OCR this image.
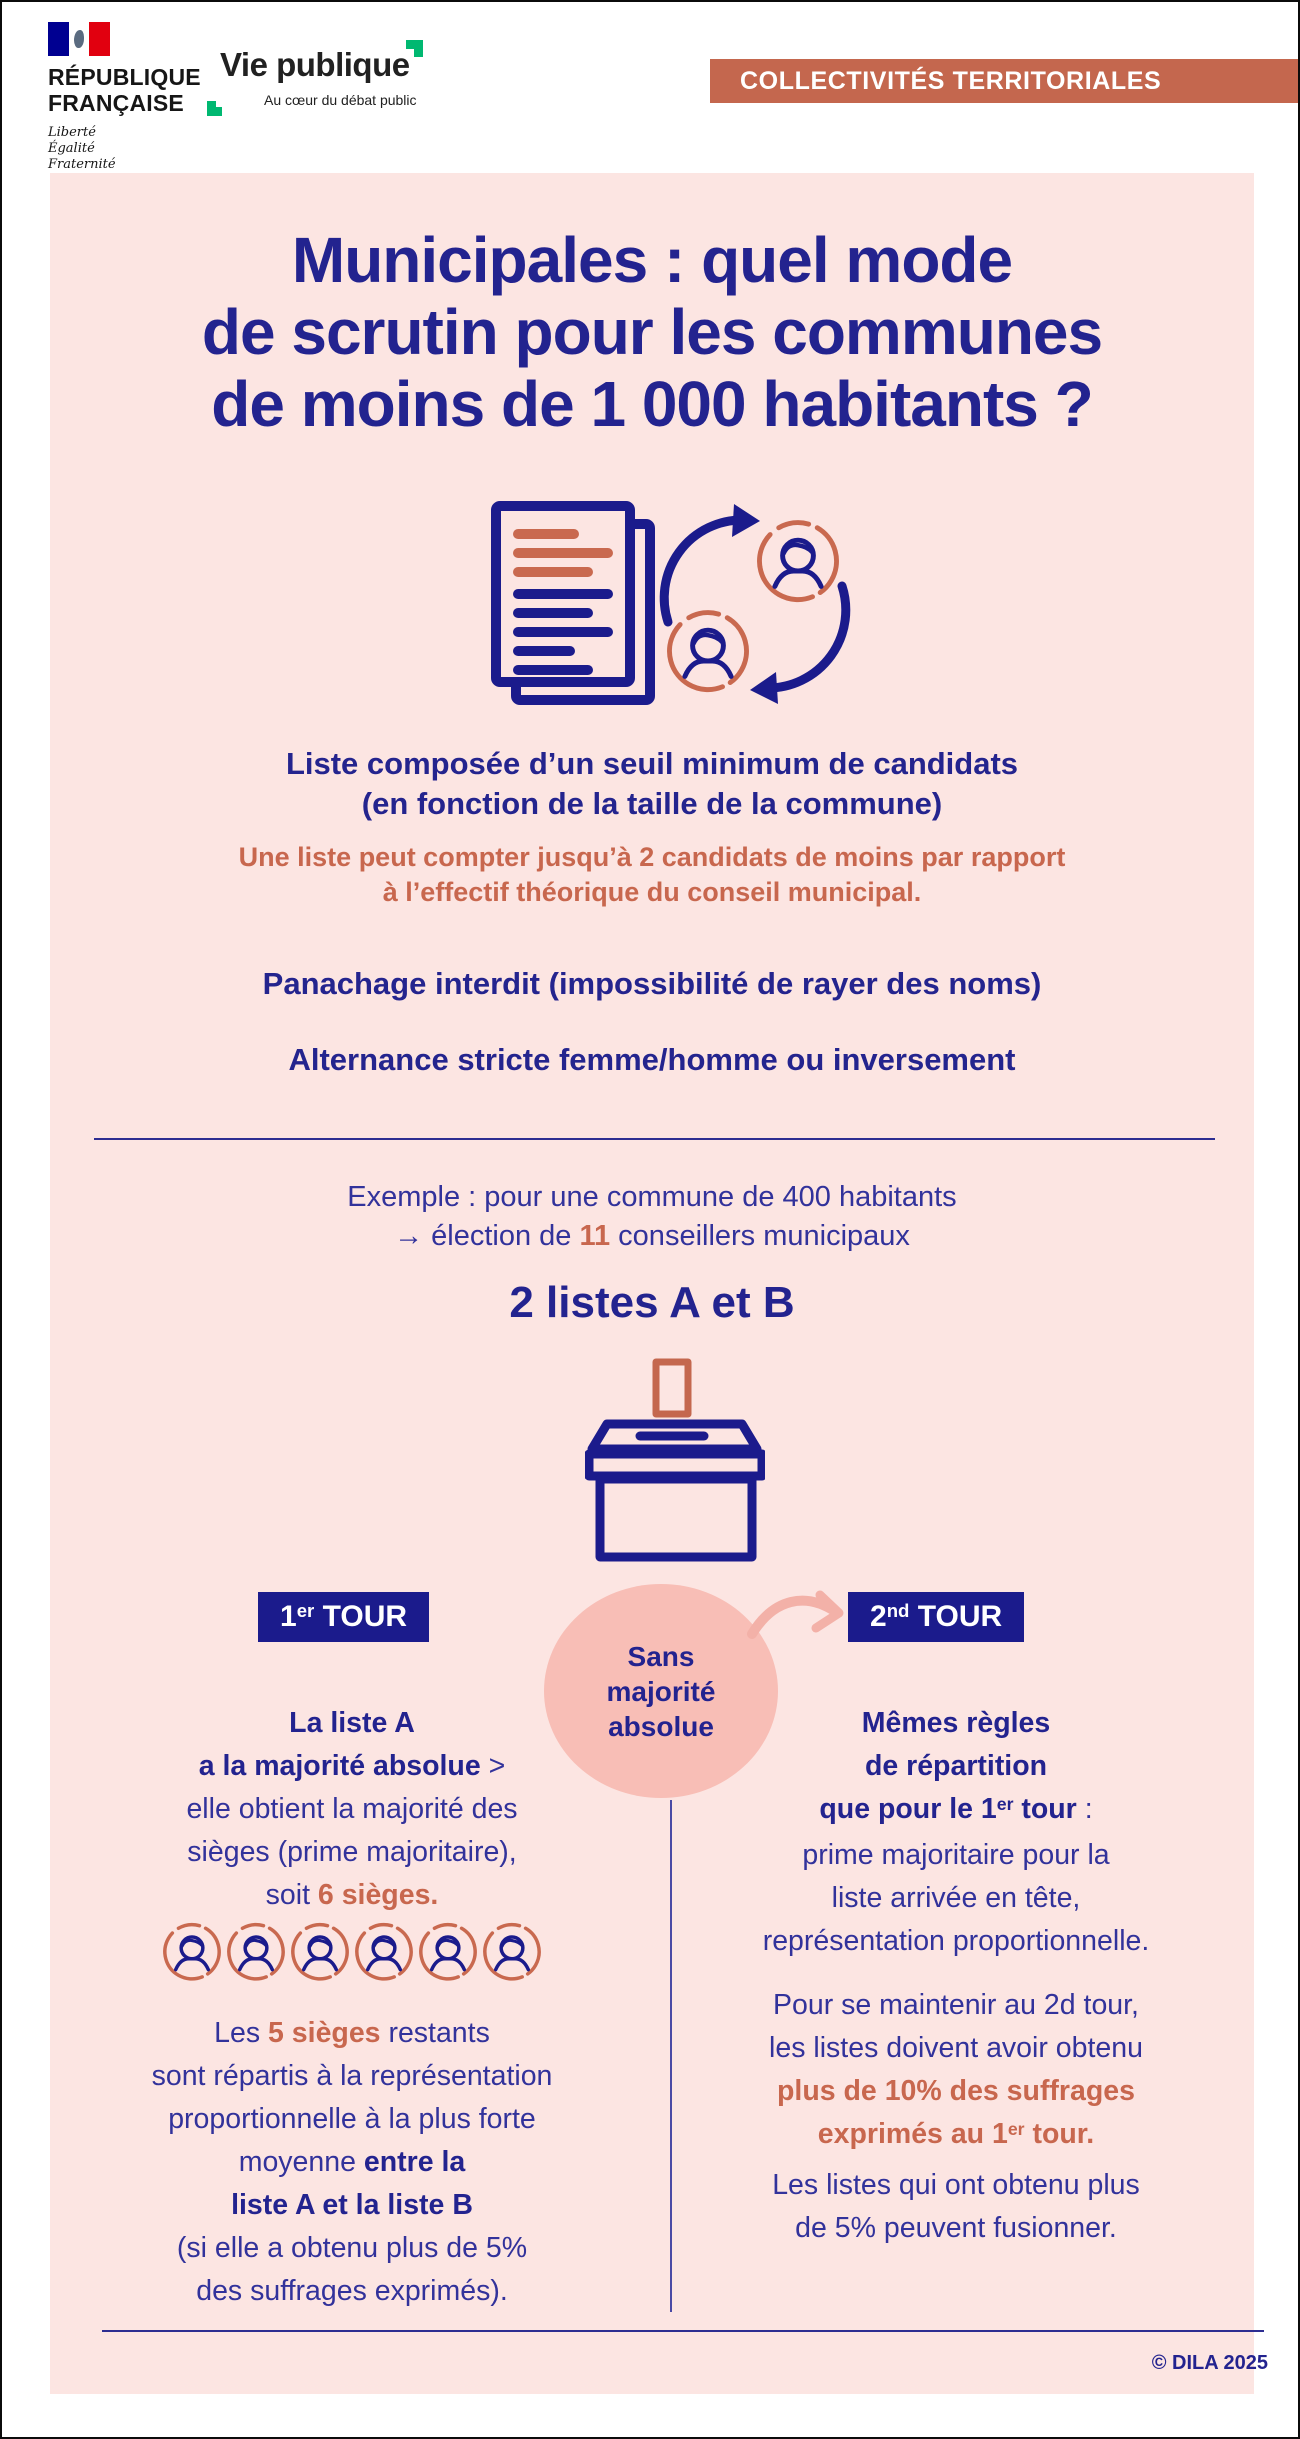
RÉPUBLIQUE
FRANÇAISE
Liberté
Égalité
Fraternité
Vie publique
Au cœur du débat public
COLLECTIVITÉS TERRITORIALES
Municipales : quel mode
de scrutin pour les communes
de moins de 1 000 habitants ?
Liste composée d’un seuil minimum de candidats
(en fonction de la taille de la commune)
Une liste peut compter jusqu’à 2 candidats de moins par rapport
à l’effectif théorique du conseil municipal.
Panachage interdit (impossibilité de rayer des noms)
Alternance stricte femme/homme ou inversement
Exemple : pour une commune de 400 habitants
→ élection de 11 conseillers municipaux
2 listes A et B
1er TOUR	2nd TOUR
Sans
majorité
absolue
La liste A
a la majorité absolue >
elle obtient la majorité des
sièges (prime majoritaire),
soit 6 sièges.
Les 5 sièges restants
sont répartis à la représentation
proportionnelle à la plus forte
moyenne entre la
liste A et la liste B
(si elle a obtenu plus de 5%
des suffrages exprimés).
Mêmes règles
de répartition
que pour le 1er tour :
prime majoritaire pour la
liste arrivée en tête,
représentation proportionnelle.
Pour se maintenir au 2d tour,
les listes doivent avoir obtenu
plus de 10% des suffrages
exprimés au 1er tour.
Les listes qui ont obtenu plus
de 5% peuvent fusionner.
© DILA 2025
